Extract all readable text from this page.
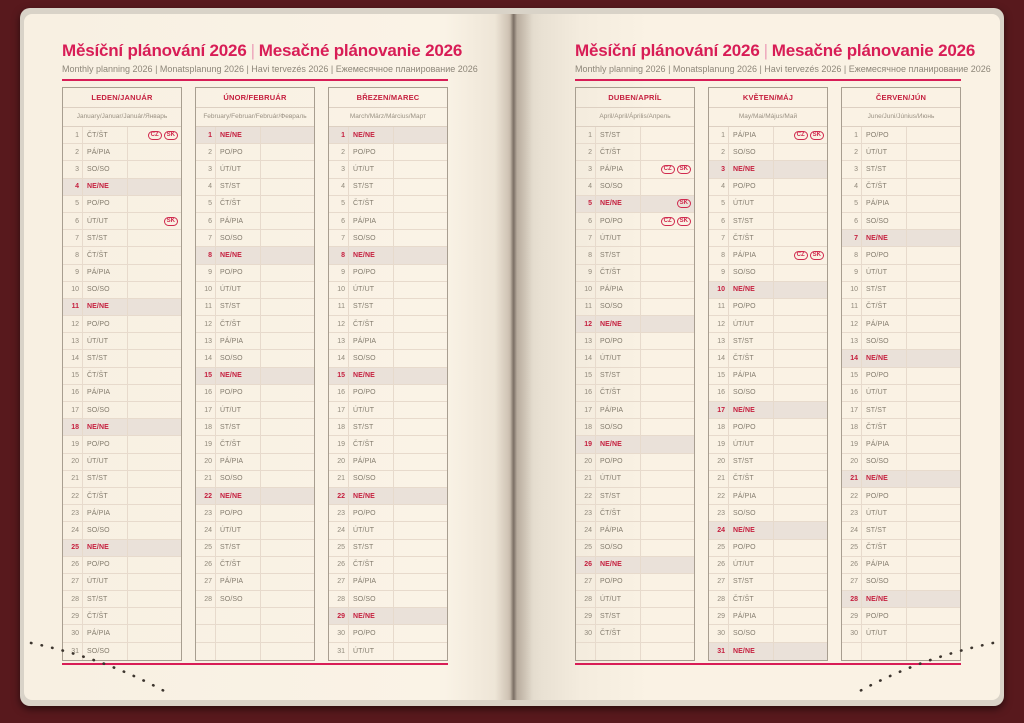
Měsíční plánování 2026 | Mesačné plánovanie 2026
Monthly planning 2026 | Monatsplanung 2026 | Havi tervezés 2026 | Ежемесячное планирование 2026
LEDEN/JANUÁR
January/Januar/Január/Январь
1	ČT/ŠT	CZ	SK
2	PÁ/PIA
3	SO/SO
4	NE/NE
5	PO/PO
6	ÚT/UT	SK
7	ST/ST
8	ČT/ŠT
9	PÁ/PIA
10	SO/SO
11	NE/NE
12	PO/PO
13	ÚT/UT
14	ST/ST
15	ČT/ŠT
16	PÁ/PIA
17	SO/SO
18	NE/NE
19	PO/PO
20	ÚT/UT
21	ST/ST
22	ČT/ŠT
23	PÁ/PIA
24	SO/SO
25	NE/NE
26	PO/PO
27	ÚT/UT
28	ST/ST
29	ČT/ŠT
30	PÁ/PIA
31	SO/SO
ÚNOR/FEBRUÁR
February/Februar/Február/Февраль
1	NE/NE
2	PO/PO
3	ÚT/UT
4	ST/ST
5	ČT/ŠT
6	PÁ/PIA
7	SO/SO
8	NE/NE
9	PO/PO
10	ÚT/UT
11	ST/ST
12	ČT/ŠT
13	PÁ/PIA
14	SO/SO
15	NE/NE
16	PO/PO
17	ÚT/UT
18	ST/ST
19	ČT/ŠT
20	PÁ/PIA
21	SO/SO
22	NE/NE
23	PO/PO
24	ÚT/UT
25	ST/ST
26	ČT/ŠT
27	PÁ/PIA
28	SO/SO
BŘEZEN/MAREC
March/März/Március/Март
1	NE/NE
2	PO/PO
3	ÚT/UT
4	ST/ST
5	ČT/ŠT
6	PÁ/PIA
7	SO/SO
8	NE/NE
9	PO/PO
10	ÚT/UT
11	ST/ST
12	ČT/ŠT
13	PÁ/PIA
14	SO/SO
15	NE/NE
16	PO/PO
17	ÚT/UT
18	ST/ST
19	ČT/ŠT
20	PÁ/PIA
21	SO/SO
22	NE/NE
23	PO/PO
24	ÚT/UT
25	ST/ST
26	ČT/ŠT
27	PÁ/PIA
28	SO/SO
29	NE/NE
30	PO/PO
31	ÚT/UT
Měsíční plánování 2026 | Mesačné plánovanie 2026
Monthly planning 2026 | Monatsplanung 2026 | Havi tervezés 2026 | Ежемесячное планирование 2026
DUBEN/APRÍL
April/April/Április/Апрель
1	ST/ST
2	ČT/ŠT
3	PÁ/PIA	CZ	SK
4	SO/SO
5	NE/NE	SK
6	PO/PO	CZ	SK
7	ÚT/UT
8	ST/ST
9	ČT/ŠT
10	PÁ/PIA
11	SO/SO
12	NE/NE
13	PO/PO
14	ÚT/UT
15	ST/ST
16	ČT/ŠT
17	PÁ/PIA
18	SO/SO
19	NE/NE
20	PO/PO
21	ÚT/UT
22	ST/ST
23	ČT/ŠT
24	PÁ/PIA
25	SO/SO
26	NE/NE
27	PO/PO
28	ÚT/UT
29	ST/ST
30	ČT/ŠT
KVĚTEN/MÁJ
May/Mai/Május/Май
1	PÁ/PIA	CZ	SK
2	SO/SO
3	NE/NE
4	PO/PO
5	ÚT/UT
6	ST/ST
7	ČT/ŠT
8	PÁ/PIA	CZ	SK
9	SO/SO
10	NE/NE
11	PO/PO
12	ÚT/UT
13	ST/ST
14	ČT/ŠT
15	PÁ/PIA
16	SO/SO
17	NE/NE
18	PO/PO
19	ÚT/UT
20	ST/ST
21	ČT/ŠT
22	PÁ/PIA
23	SO/SO
24	NE/NE
25	PO/PO
26	ÚT/UT
27	ST/ST
28	ČT/ŠT
29	PÁ/PIA
30	SO/SO
31	NE/NE
ČERVEN/JÚN
June/Juni/Június/Июнь
1	PO/PO
2	ÚT/UT
3	ST/ST
4	ČT/ŠT
5	PÁ/PIA
6	SO/SO
7	NE/NE
8	PO/PO
9	ÚT/UT
10	ST/ST
11	ČT/ŠT
12	PÁ/PIA
13	SO/SO
14	NE/NE
15	PO/PO
16	ÚT/UT
17	ST/ST
18	ČT/ŠT
19	PÁ/PIA
20	SO/SO
21	NE/NE
22	PO/PO
23	ÚT/UT
24	ST/ST
25	ČT/ŠT
26	PÁ/PIA
27	SO/SO
28	NE/NE
29	PO/PO
30	ÚT/UT
